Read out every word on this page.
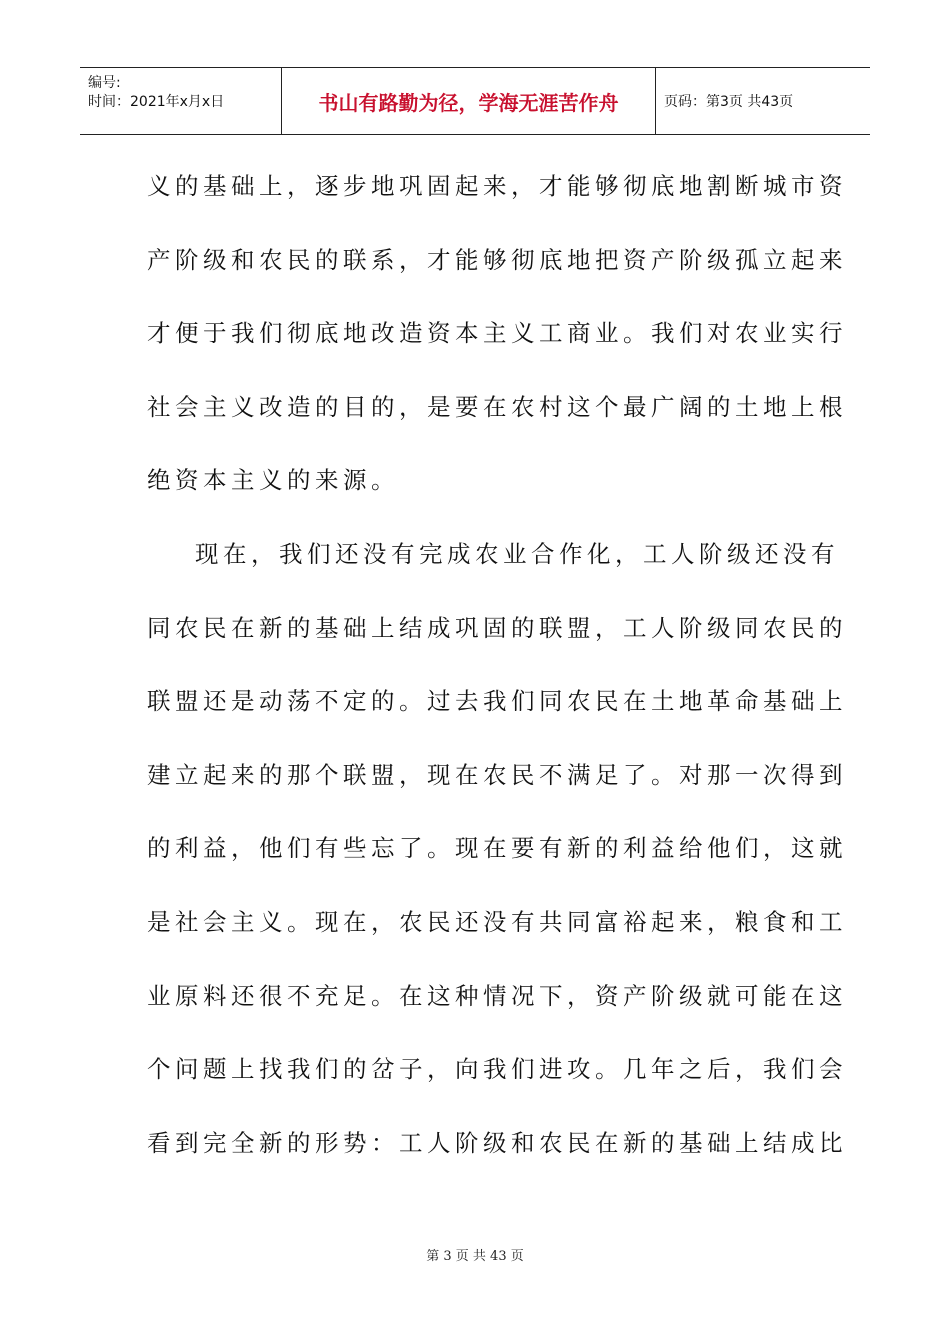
编号:
时间：2021年x月x日	书山有路勤为径，学海无涯苦作舟	页码：第3页 共43页
义的基础上，逐步地巩固起来，才能够彻底地割断城市资
产阶级和农民的联系，才能够彻底地把资产阶级孤立起来
才便于我们彻底地改造资本主义工商业。我们对农业实行
社会主义改造的目的，是要在农村这个最广阔的土地上根
绝资本主义的来源。
现在，我们还没有完成农业合作化，工人阶级还没有
同农民在新的基础上结成巩固的联盟，工人阶级同农民的
联盟还是动荡不定的。过去我们同农民在土地革命基础上
建立起来的那个联盟，现在农民不满足了。对那一次得到
的利益，他们有些忘了。现在要有新的利益给他们，这就
是社会主义。现在，农民还没有共同富裕起来，粮食和工
业原料还很不充足。在这种情况下，资产阶级就可能在这
个问题上找我们的岔子，向我们进攻。几年之后，我们会
看到完全新的形势：工人阶级和农民在新的基础上结成比
第 3 页 共 43 页
